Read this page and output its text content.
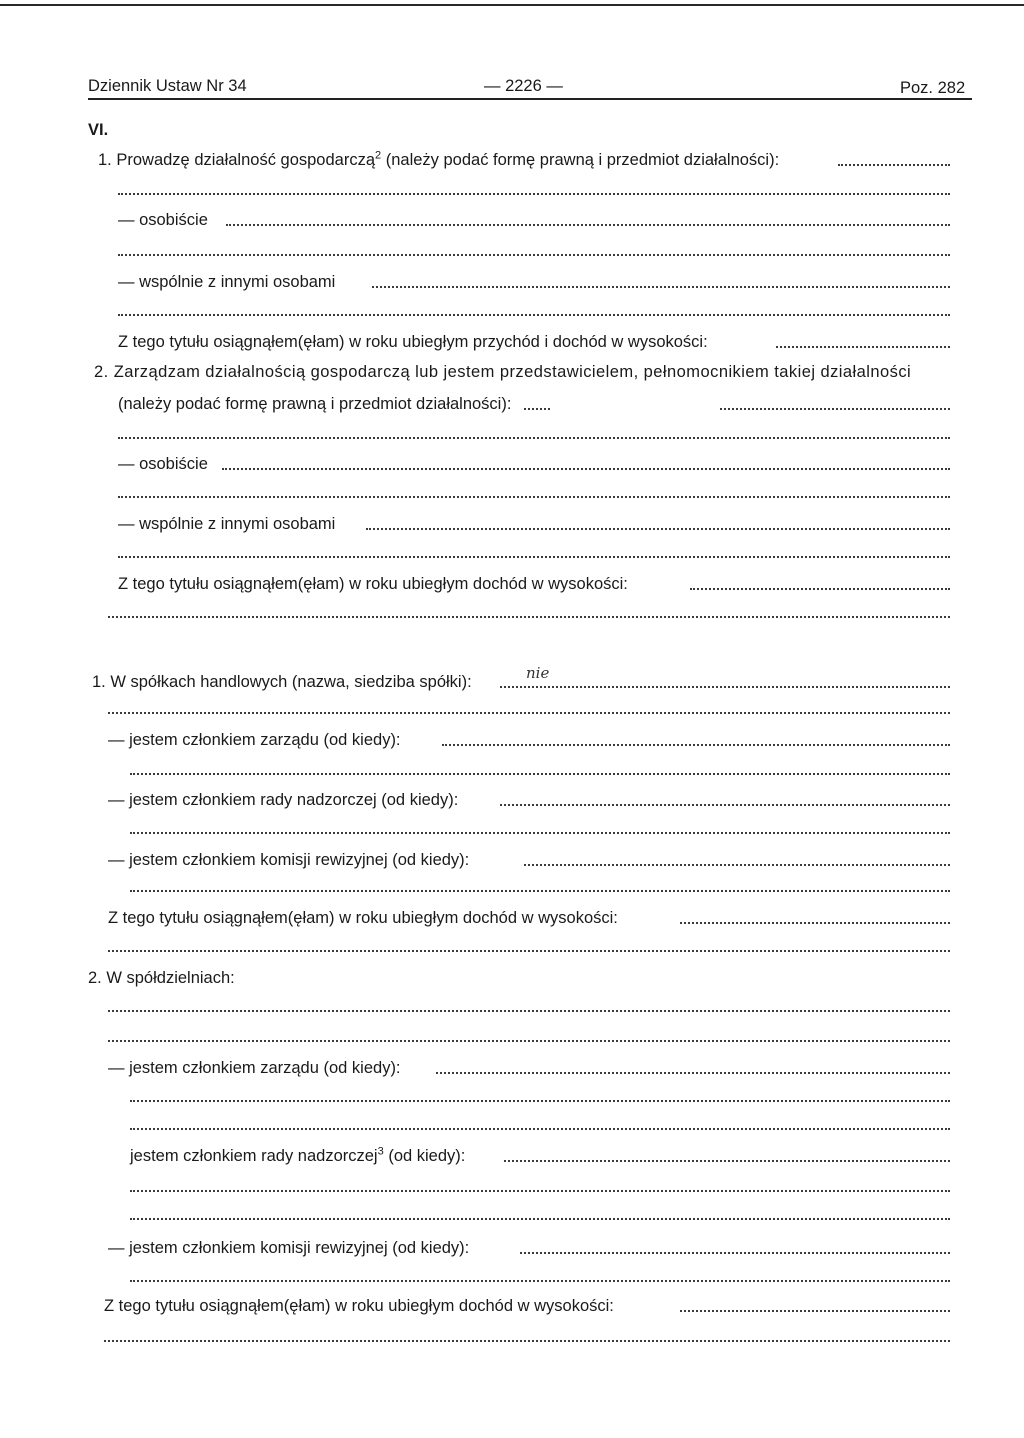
Dziennik Ustaw Nr 34	— 2226 —	Poz. 282
VI.
1. Prowadzę działalność gospodarczą$^2$ (należy podać formę prawną i przedmiot działalności):
— osobiście
— wspólnie z innymi osobami
Z tego tytułu osiągnąłem(ęłam) w roku ubiegłym przychód i dochód w wysokości:
2. Zarządzam działalnością gospodarczą lub jestem przedstawicielem, pełnomocnikiem takiej działalności
(należy podać formę prawną i przedmiot działalności):
— osobiście
— wspólnie z innymi osobami
Z tego tytułu osiągnąłem(ęłam) w roku ubiegłym dochód w wysokości:
1. W spółkach handlowych (nazwa, siedziba spółki):	nie
— jestem członkiem zarządu (od kiedy):
— jestem członkiem rady nadzorczej (od kiedy):
— jestem członkiem komisji rewizyjnej (od kiedy):
Z tego tytułu osiągnąłem(ęłam) w roku ubiegłym dochód w wysokości:
2. W spółdzielniach:
— jestem członkiem zarządu (od kiedy):
jestem członkiem rady nadzorczej$^3$ (od kiedy):
— jestem członkiem komisji rewizyjnej (od kiedy):
Z tego tytułu osiągnąłem(ęłam) w roku ubiegłym dochód w wysokości:
